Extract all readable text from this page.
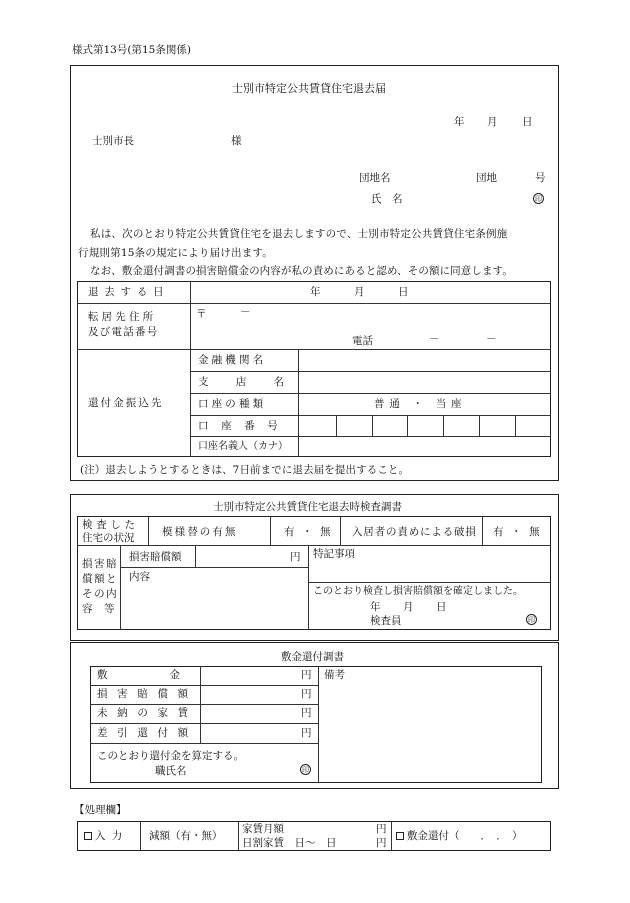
様式第13号(第15条関係)
士別市特定公共賃貸住宅退去届
年 月 日
士別市長	様
団地名	団地	号
氏　名	印
私は、次のとおり特定公共賃貸住宅を退去しますので、士別市特定公共賃貸住宅条例施
行規則第15条の規定により届け出ます。
なお、敷金還付調書の損害賠償金の内容が私の責めにあると認め、その額に同意します。
退去する日	年	月	日
転居先住所
及び電話番号
〒	－
電話	－	－
還付金振込先
金融機関名
支店名
口座の種類	普通 ・ 当座
口座番号
口座名義人（カナ）
(注）退去しようとするときは、7日前までに退去届を提出すること。
士別市特定公共賃貸住宅退去時検査調書
検査した
住宅の状況	模様替の有無	有 ・ 無 入居者の責めによる破損 有 ・ 無
損害賠
償額と
その内
容　等
損害賠償額	円
内容
特記事項
このとおり検査し損害賠償額を確定しました。
年 月 日
検査員	印
敷金還付調書
敷金	円
損害賠償額	円
未納の家賃	円
差引還付額	円
備考
このとおり還付金を算定する。
職氏名	印
【処理欄】
入力 減額（有・無）
家賃月額	円
日割家賃　日～　日	円
敷金還付（　　．　．　）
